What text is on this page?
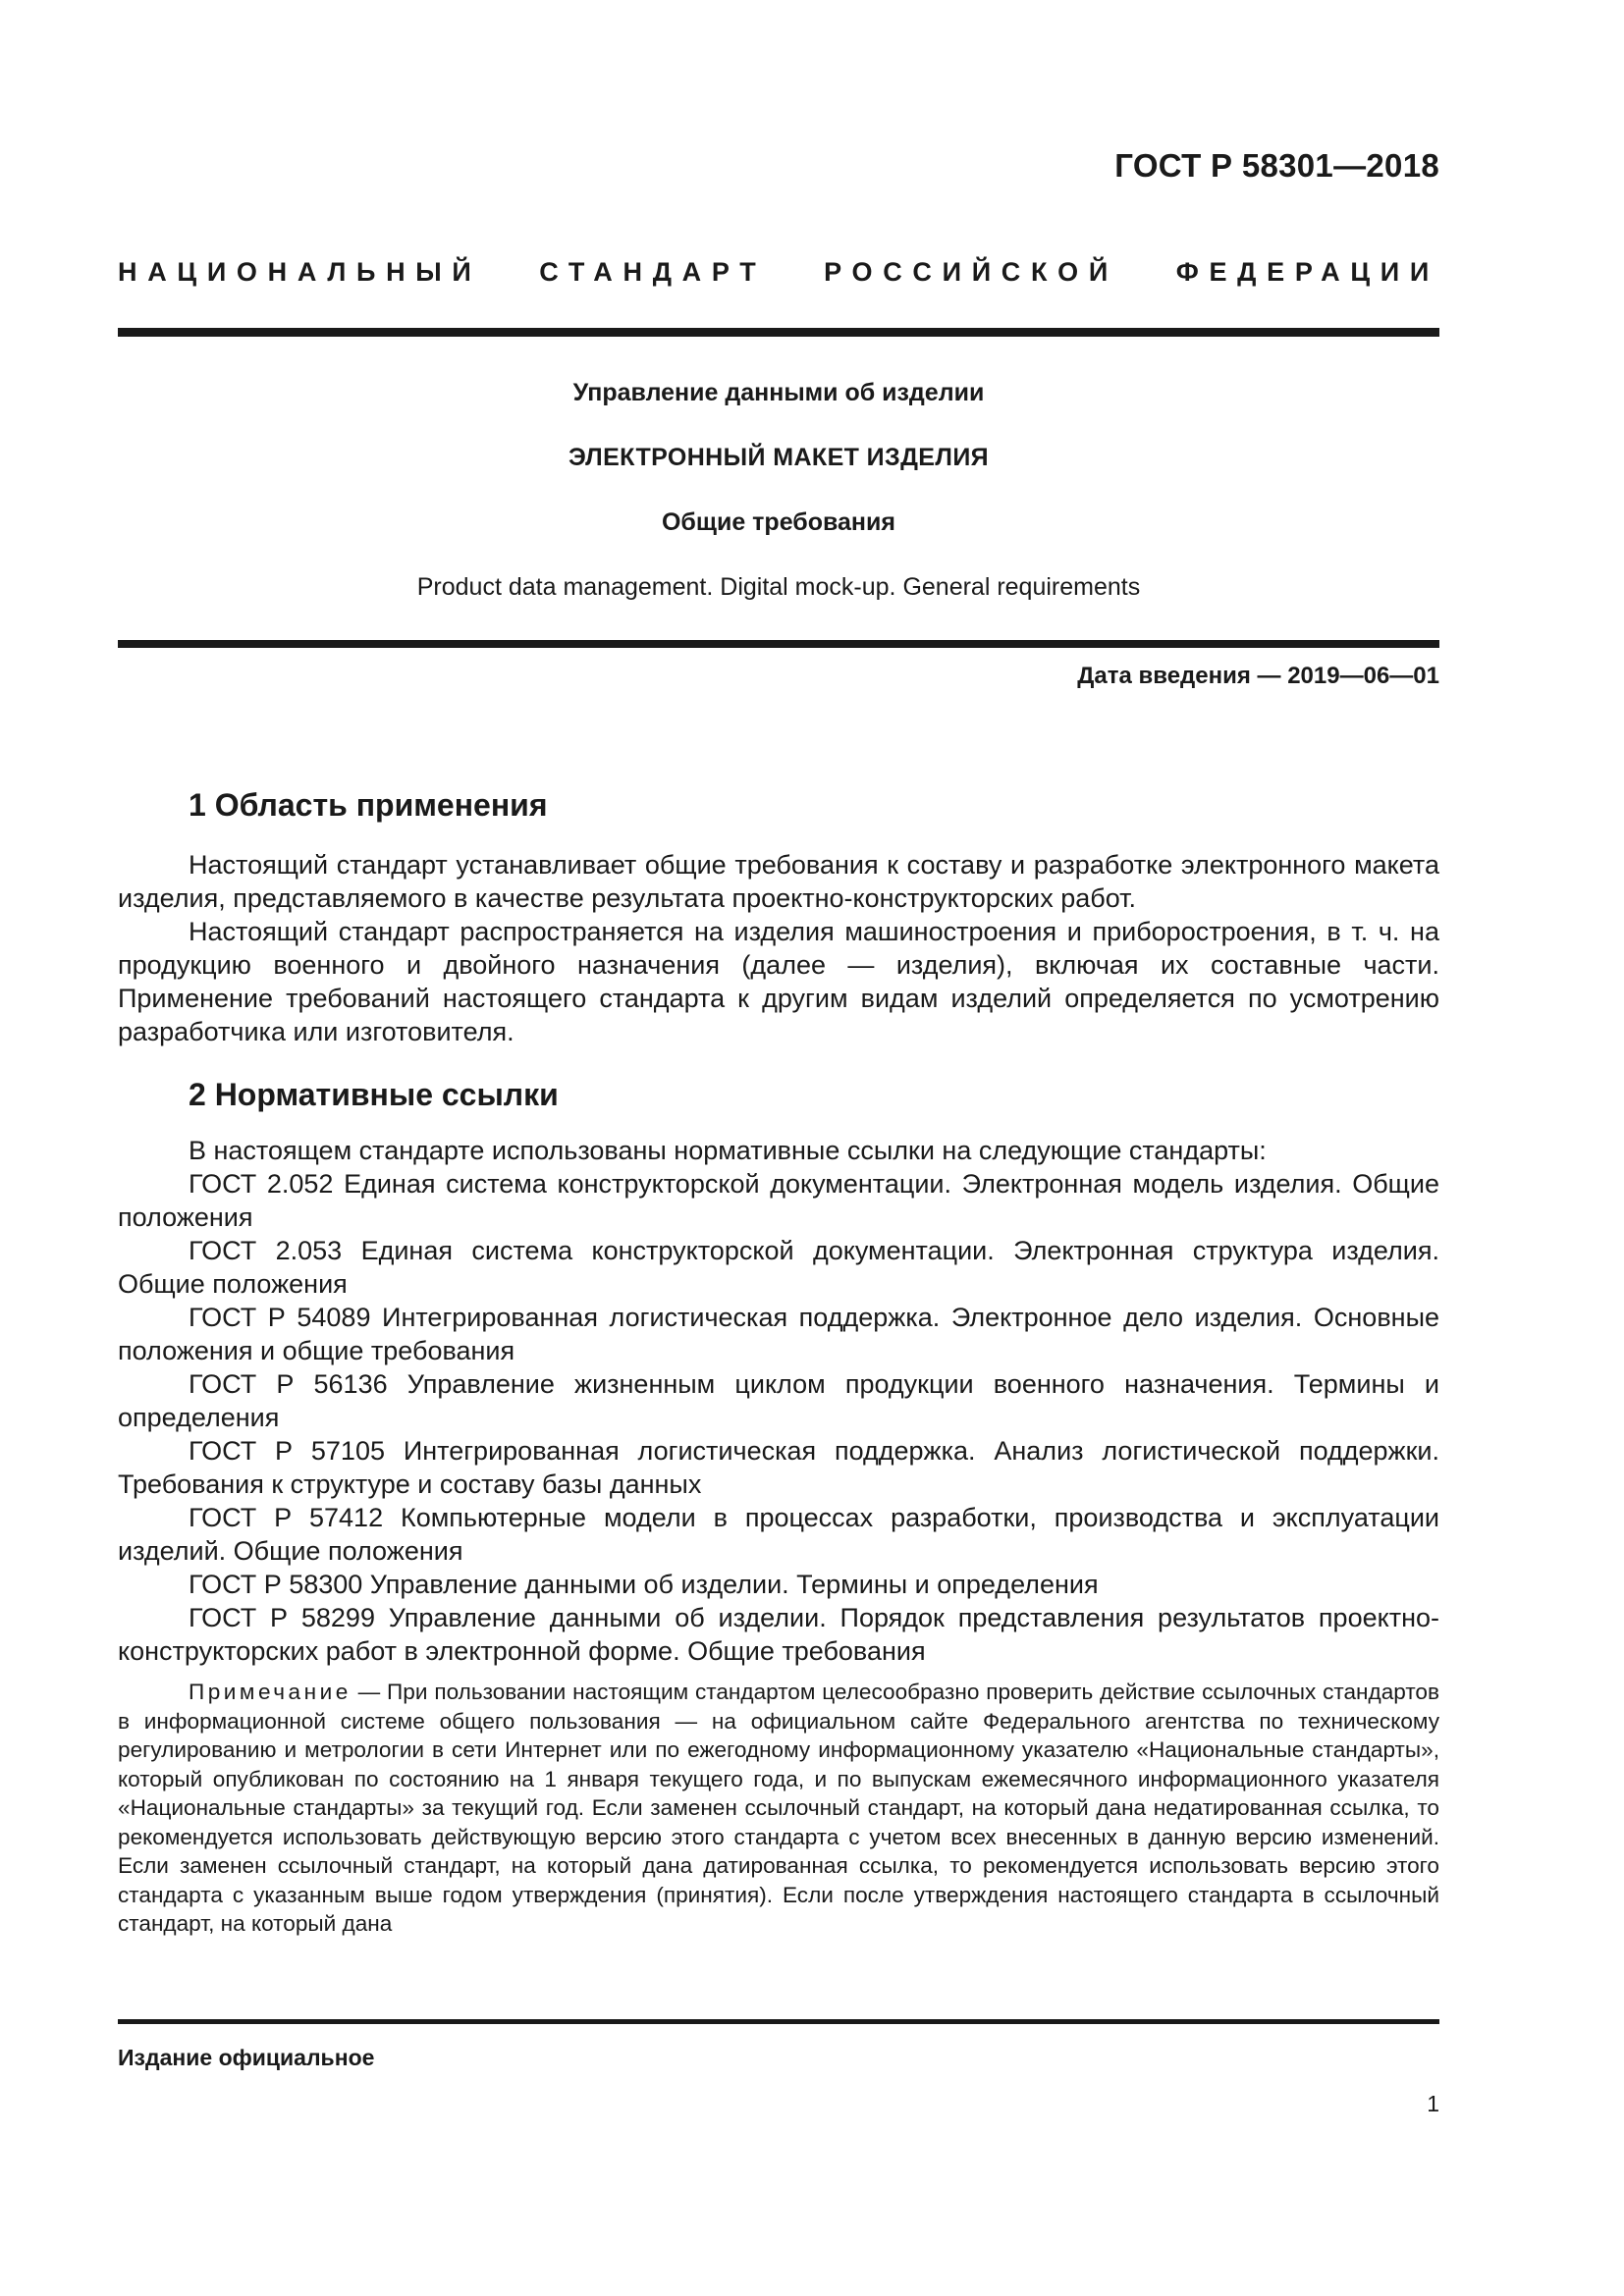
ГОСТ Р 58301—2018
НАЦИОНАЛЬНЫЙ СТАНДАРТ РОССИЙСКОЙ ФЕДЕРАЦИИ
Управление данными об изделии
ЭЛЕКТРОННЫЙ МАКЕТ ИЗДЕЛИЯ
Общие требования
Product data management. Digital mock-up. General requirements
Дата введения — 2019—06—01
1 Область применения

Настоящий стандарт устанавливает общие требования к составу и разработке электронного макета изделия, представляемого в качестве результата проектно-конструкторских работ.

Настоящий стандарт распространяется на изделия машиностроения и приборостроения, в т. ч. на продукцию военного и двойного назначения (далее — изделия), включая их составные части. Применение требований настоящего стандарта к другим видам изделий определяется по усмотрению разработчика или изготовителя.

2 Нормативные ссылки

В настоящем стандарте использованы нормативные ссылки на следующие стандарты:

ГОСТ 2.052 Единая система конструкторской документации. Электронная модель изделия. Общие положения

ГОСТ 2.053 Единая система конструкторской документации. Электронная структура изделия. Общие положения

ГОСТ Р 54089 Интегрированная логистическая поддержка. Электронное дело изделия. Основные положения и общие требования

ГОСТ Р 56136 Управление жизненным циклом продукции военного назначения. Термины и определения

ГОСТ Р 57105 Интегрированная логистическая поддержка. Анализ логистической поддержки. Требования к структуре и составу базы данных

ГОСТ Р 57412 Компьютерные модели в процессах разработки, производства и эксплуатации изделий. Общие положения

ГОСТ Р 58300 Управление данными об изделии. Термины и определения

ГОСТ Р 58299 Управление данными об изделии. Порядок представления результатов проектно-конструкторских работ в электронной форме. Общие требования

Примечание — При пользовании настоящим стандартом целесообразно проверить действие ссылочных стандартов в информационной системе общего пользования — на официальном сайте Федерального агентства по техническому регулированию и метрологии в сети Интернет или по ежегодному информационному указателю «Национальные стандарты», который опубликован по состоянию на 1 января текущего года, и по выпускам ежемесячного информационного указателя «Национальные стандарты» за текущий год. Если заменен ссылочный стандарт, на который дана недатированная ссылка, то рекомендуется использовать действующую версию этого стандарта с учетом всех внесенных в данную версию изменений. Если заменен ссылочный стандарт, на который дана датированная ссылка, то рекомендуется использовать версию этого стандарта с указанным выше годом утверждения (принятия). Если после утверждения настоящего стандарта в ссылочный стандарт, на который дана

Издание официальное
1
